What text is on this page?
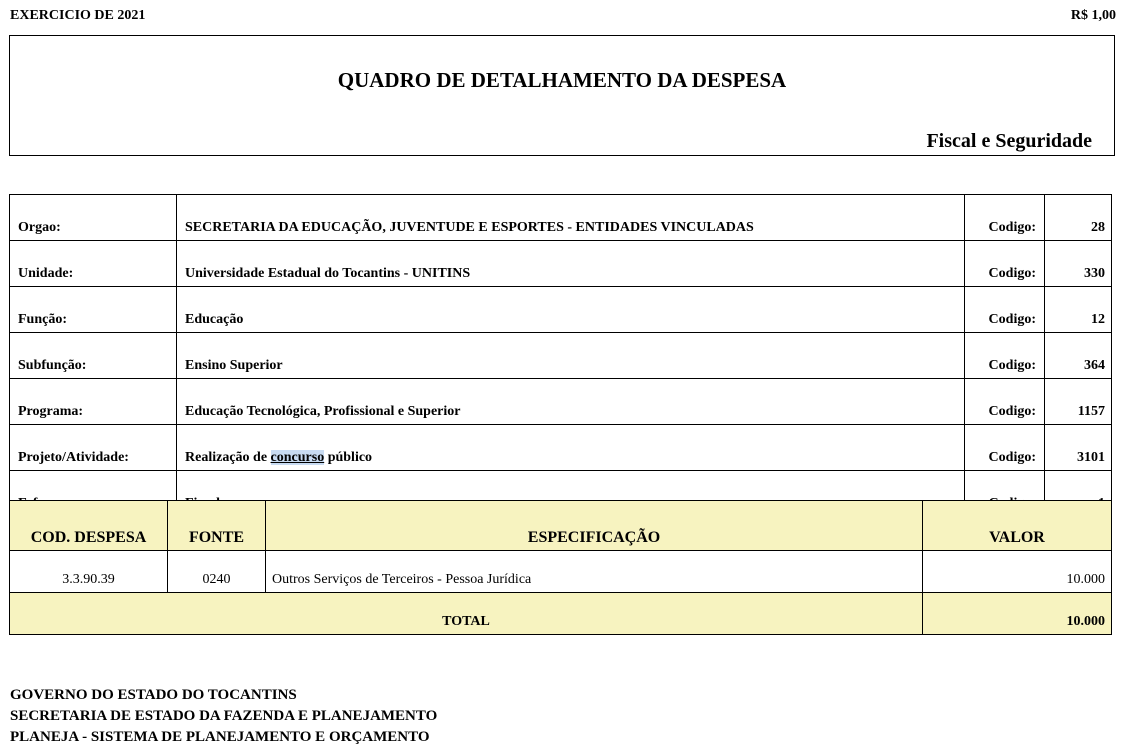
EXERCICIO DE 2021	R$ 1,00
QUADRO DE DETALHAMENTO DA DESPESA
Fiscal e Seguridade
Orgao:	SECRETARIA DA EDUCAÇÃO, JUVENTUDE E ESPORTES - ENTIDADES VINCULADAS	Codigo:	28
Unidade:	Universidade Estadual do Tocantins - UNITINS	Codigo:	330
Função:	Educação	Codigo:	12
Subfunção:	Ensino Superior	Codigo:	364
Programa:	Educação Tecnológica, Profissional e Superior	Codigo:	1157
Projeto/Atividade:	Realização de concurso público	Codigo:	3101

COD. DESPESA	FONTE	ESPECIFICAÇÃO	VALOR
3.3.90.39	0240	Outros Serviços de Terceiros - Pessoa Jurídica	10.000
TOTAL			10.000
GOVERNO DO ESTADO DO TOCANTINS
SECRETARIA DE ESTADO DA FAZENDA E PLANEJAMENTO
PLANEJA - SISTEMA DE PLANEJAMENTO E ORÇAMENTO
